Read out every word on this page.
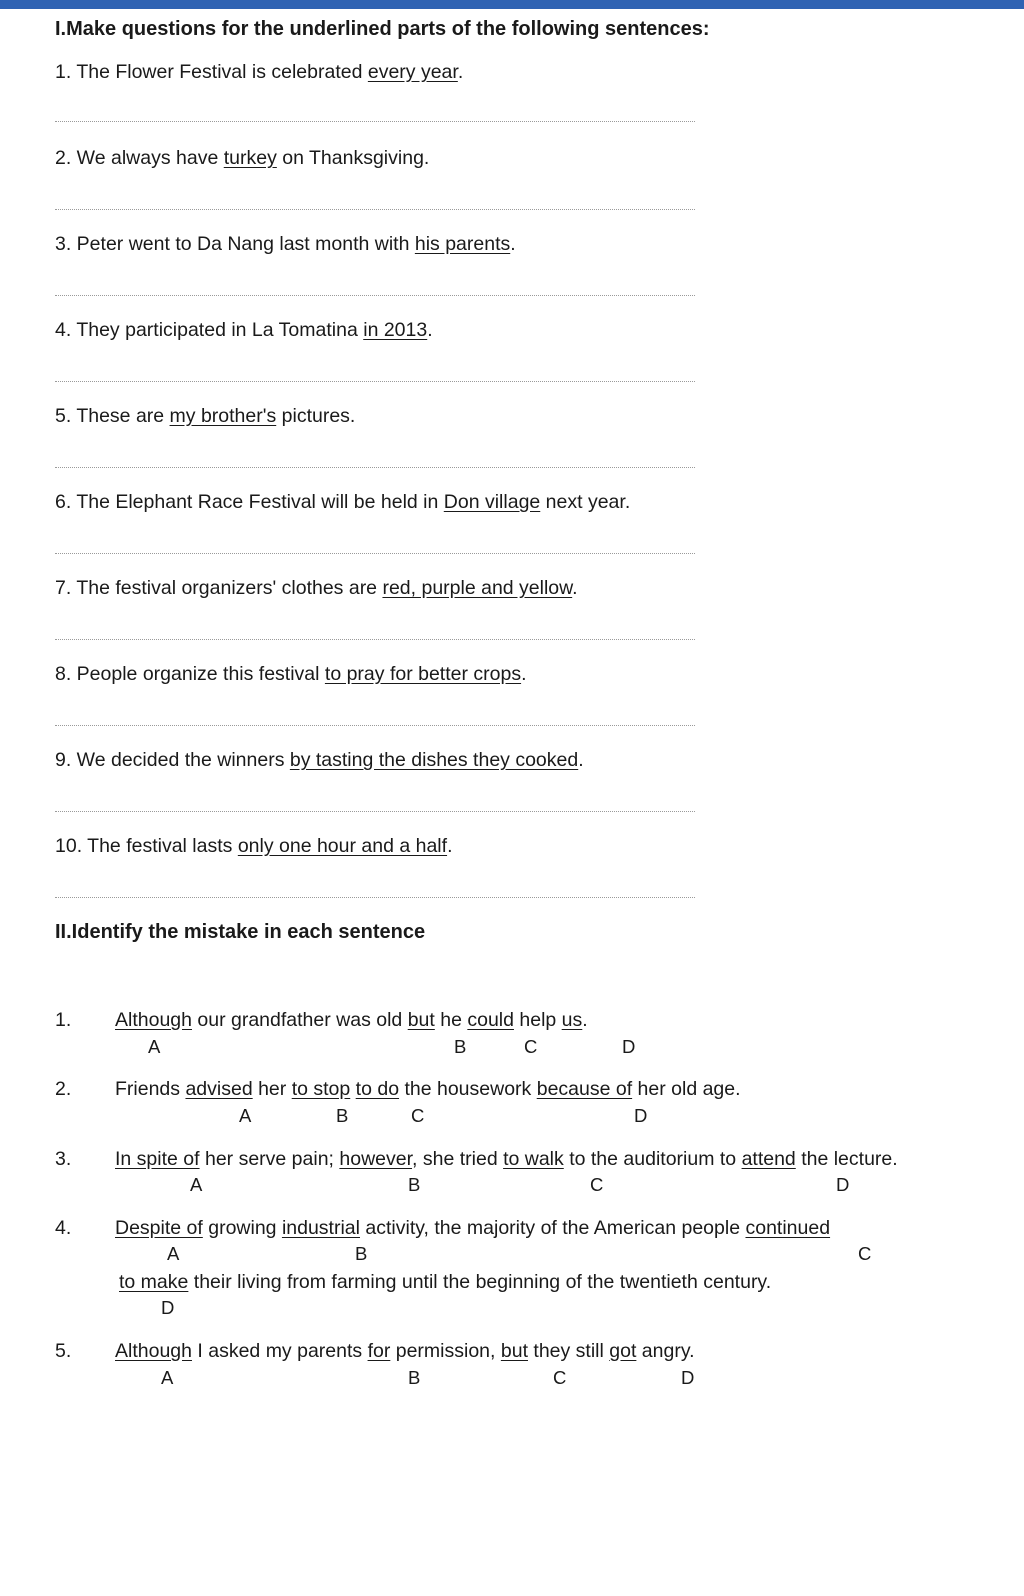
I.Make questions for the underlined parts of the following sentences:
1. The Flower Festival is celebrated every year.
2. We always have turkey on Thanksgiving.
3. Peter went to Da Nang last month with his parents.
4. They participated in La Tomatina in 2013.
5. These are my brother's pictures.
6. The Elephant Race Festival will be held in Don village next year.
7. The festival organizers' clothes are red, purple and yellow.
8. People organize this festival to pray for better crops.
9. We decided the winners by tasting the dishes they cooked.
10. The festival lasts only one hour and a half.
II.Identify the mistake in each sentence
1. Although our grandfather was old but he could help us.
A	B	C	D
2. Friends advised her to stop to do the housework because of her old age.
A	B	C	D
3. In spite of her serve pain; however, she tried to walk to the auditorium to attend the lecture.
A	B	C	D
4. Despite of growing industrial activity, the majority of the American people continued
A	B	C
to make their living from farming until the beginning of the twentieth century.
D
5. Although I asked my parents for permission, but they still got angry.
A	B	C	D
